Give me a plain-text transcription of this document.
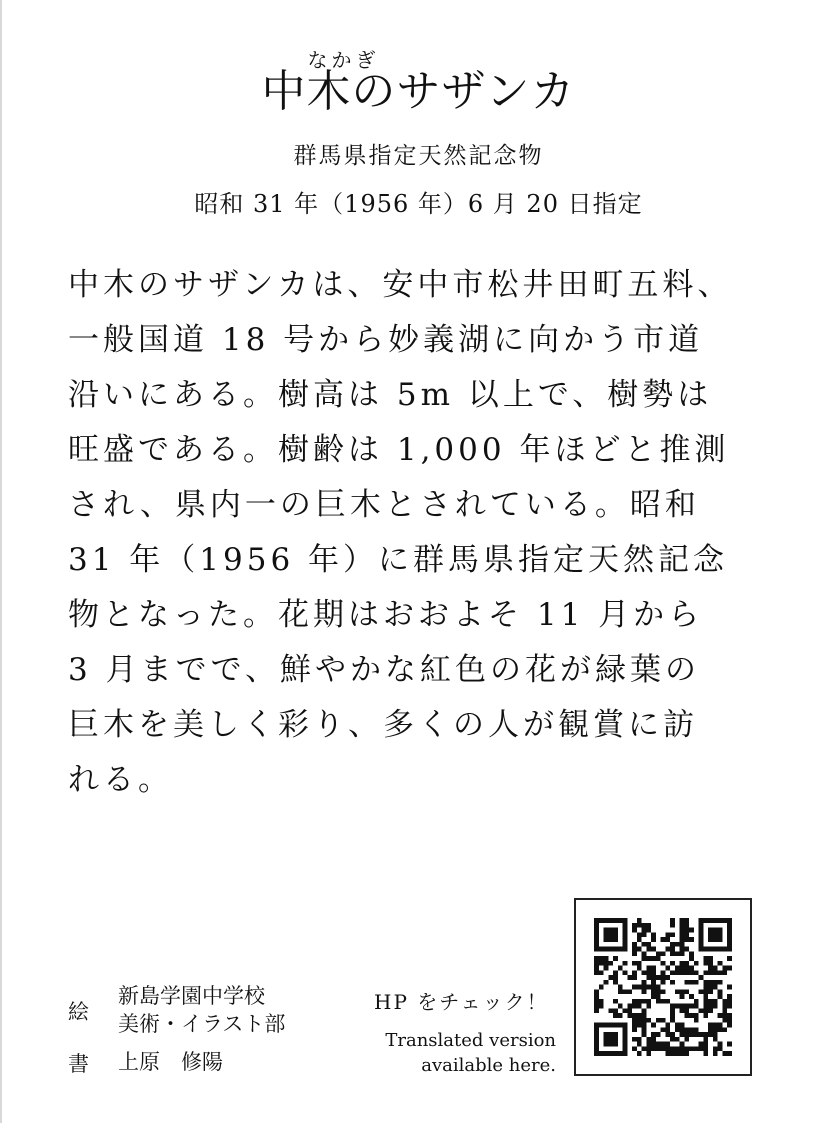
なかぎ
中木のサザンカ
群馬県指定天然記念物
昭和 31 年（1956 年）6 月 20 日指定
中木のサザンカは、安中市松井田町五料、
一般国道 18 号から妙義湖に向かう市道
沿いにある。樹高は 5m 以上で、樹勢は
旺盛である。樹齢は 1,000 年ほどと推測
され、県内一の巨木とされている。昭和
31 年（1956 年）に群馬県指定天然記念
物となった。花期はおおよそ 11 月から
3 月までで、鮮やかな紅色の花が緑葉の
巨木を美しく彩り、多くの人が観賞に訪
れる。
絵
新島学園中学校
美術・イラスト部
書 上原　修陽
HP をチェック！
Translated version
available here.
